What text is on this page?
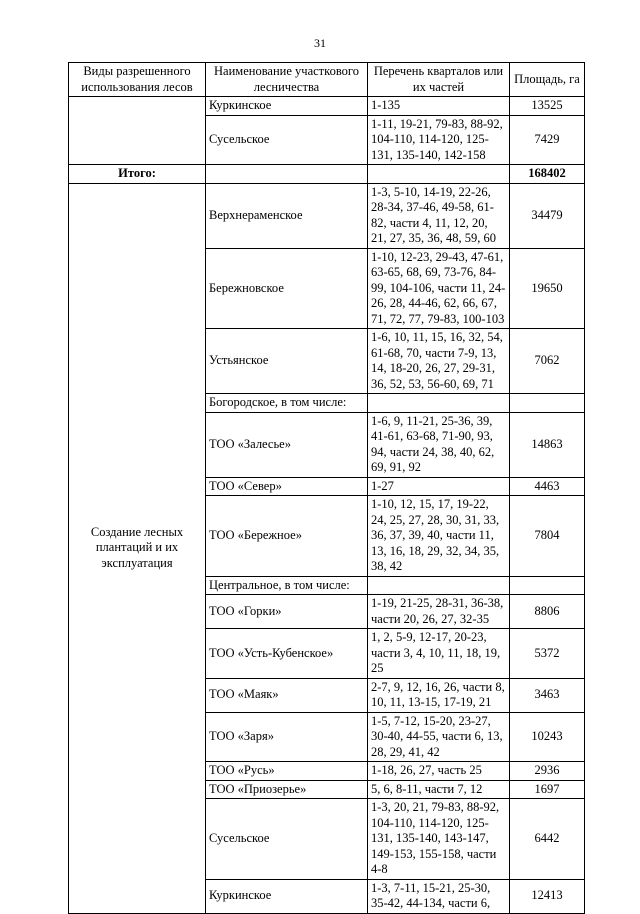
31
Виды разрешенного использования лесов	Наименование участкового лесничества	Перечень кварталов или их частей	Площадь, га
	Куркинское	1-135	13525
	Сусельское	1-11, 19-21, 79-83, 88-92, 104-110, 114-120, 125-131, 135-140, 142-158	7429
Итого:			168402
Создание лесных плантаций и их эксплуатация	Верхнераменское	1-3, 5-10, 14-19, 22-26, 28-34, 37-46, 49-58, 61-82, части 4, 11, 12, 20, 21, 27, 35, 36, 48, 59, 60	34479
	Бережновское	1-10, 12-23, 29-43, 47-61, 63-65, 68, 69, 73-76, 84-99, 104-106, части 11, 24-26, 28, 44-46, 62, 66, 67, 71, 72, 77, 79-83, 100-103	19650
	Устьянское	1-6, 10, 11, 15, 16, 32, 54, 61-68, 70, части 7-9, 13, 14, 18-20, 26, 27, 29-31, 36, 52, 53, 56-60, 69, 71	7062
	Богородское, в том числе:		
	ТОО «Залесье»	1-6, 9, 11-21, 25-36, 39, 41-61, 63-68, 71-90, 93, 94, части 24, 38, 40, 62, 69, 91, 92	14863
	ТОО «Север»	1-27	4463
	ТОО «Бережное»	1-10, 12, 15, 17, 19-22, 24, 25, 27, 28, 30, 31, 33, 36, 37, 39, 40, части 11, 13, 16, 18, 29, 32, 34, 35, 38, 42	7804
	Центральное, в том числе:		
	ТОО «Горки»	1-19, 21-25, 28-31, 36-38, части 20, 26, 27, 32-35	8806
	ТОО «Усть-Кубенское»	1, 2, 5-9, 12-17, 20-23, части 3, 4, 10, 11, 18, 19, 25	5372
	ТОО «Маяк»	2-7, 9, 12, 16, 26, части 8, 10, 11, 13-15, 17-19, 21	3463
	ТОО «Заря»	1-5, 7-12, 15-20, 23-27, 30-40, 44-55, части 6, 13, 28, 29, 41, 42	10243
	ТОО «Русь»	1-18, 26, 27, часть 25	2936
	ТОО «Приозерье»	5, 6, 8-11, части 7, 12	1697
	Сусельское	1-3, 20, 21, 79-83, 88-92, 104-110, 114-120, 125-131, 135-140, 143-147, 149-153, 155-158, части 4-8	6442
	Куркинское	1-3, 7-11, 15-21, 25-30, 35-42, 44-134, части 6,	12413
